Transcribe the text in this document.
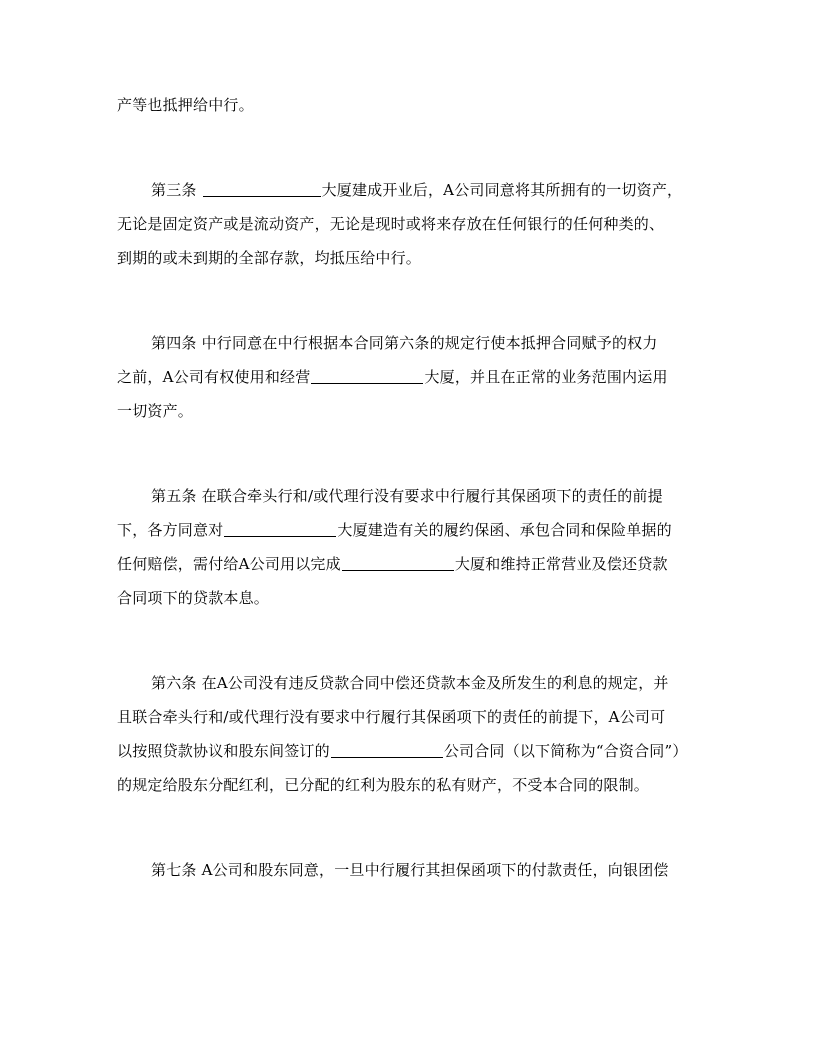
产等也抵押给中行。

第三条	大厦建成开业后，A公司同意将其所拥有的一切资产，
无论是固定资产或是流动资产，无论是现时或将来存放在任何银行的任何种类的、
到期的或未到期的全部存款，均抵压给中行。

第四条 中行同意在中行根据本合同第六条的规定行使本抵押合同赋予的权力
之前，A公司有权使用和经营	大厦，并且在正常的业务范围内运用
一切资产。

第五条 在联合牵头行和/或代理行没有要求中行履行其保函项下的责任的前提
下，各方同意对	大厦建造有关的履约保函、承包合同和保险单据的
任何赔偿，需付给A公司用以完成	大厦和维持正常营业及偿还贷款
合同项下的贷款本息。

第六条 在A公司没有违反贷款合同中偿还贷款本金及所发生的利息的规定，并
且联合牵头行和/或代理行没有要求中行履行其保函项下的责任的前提下，A公司可
以按照贷款协议和股东间签订的	公司合同（以下简称为“合资合同”）
的规定给股东分配红利，已分配的红利为股东的私有财产，不受本合同的限制。

第七条 A公司和股东同意，一旦中行履行其担保函项下的付款责任，向银团偿
